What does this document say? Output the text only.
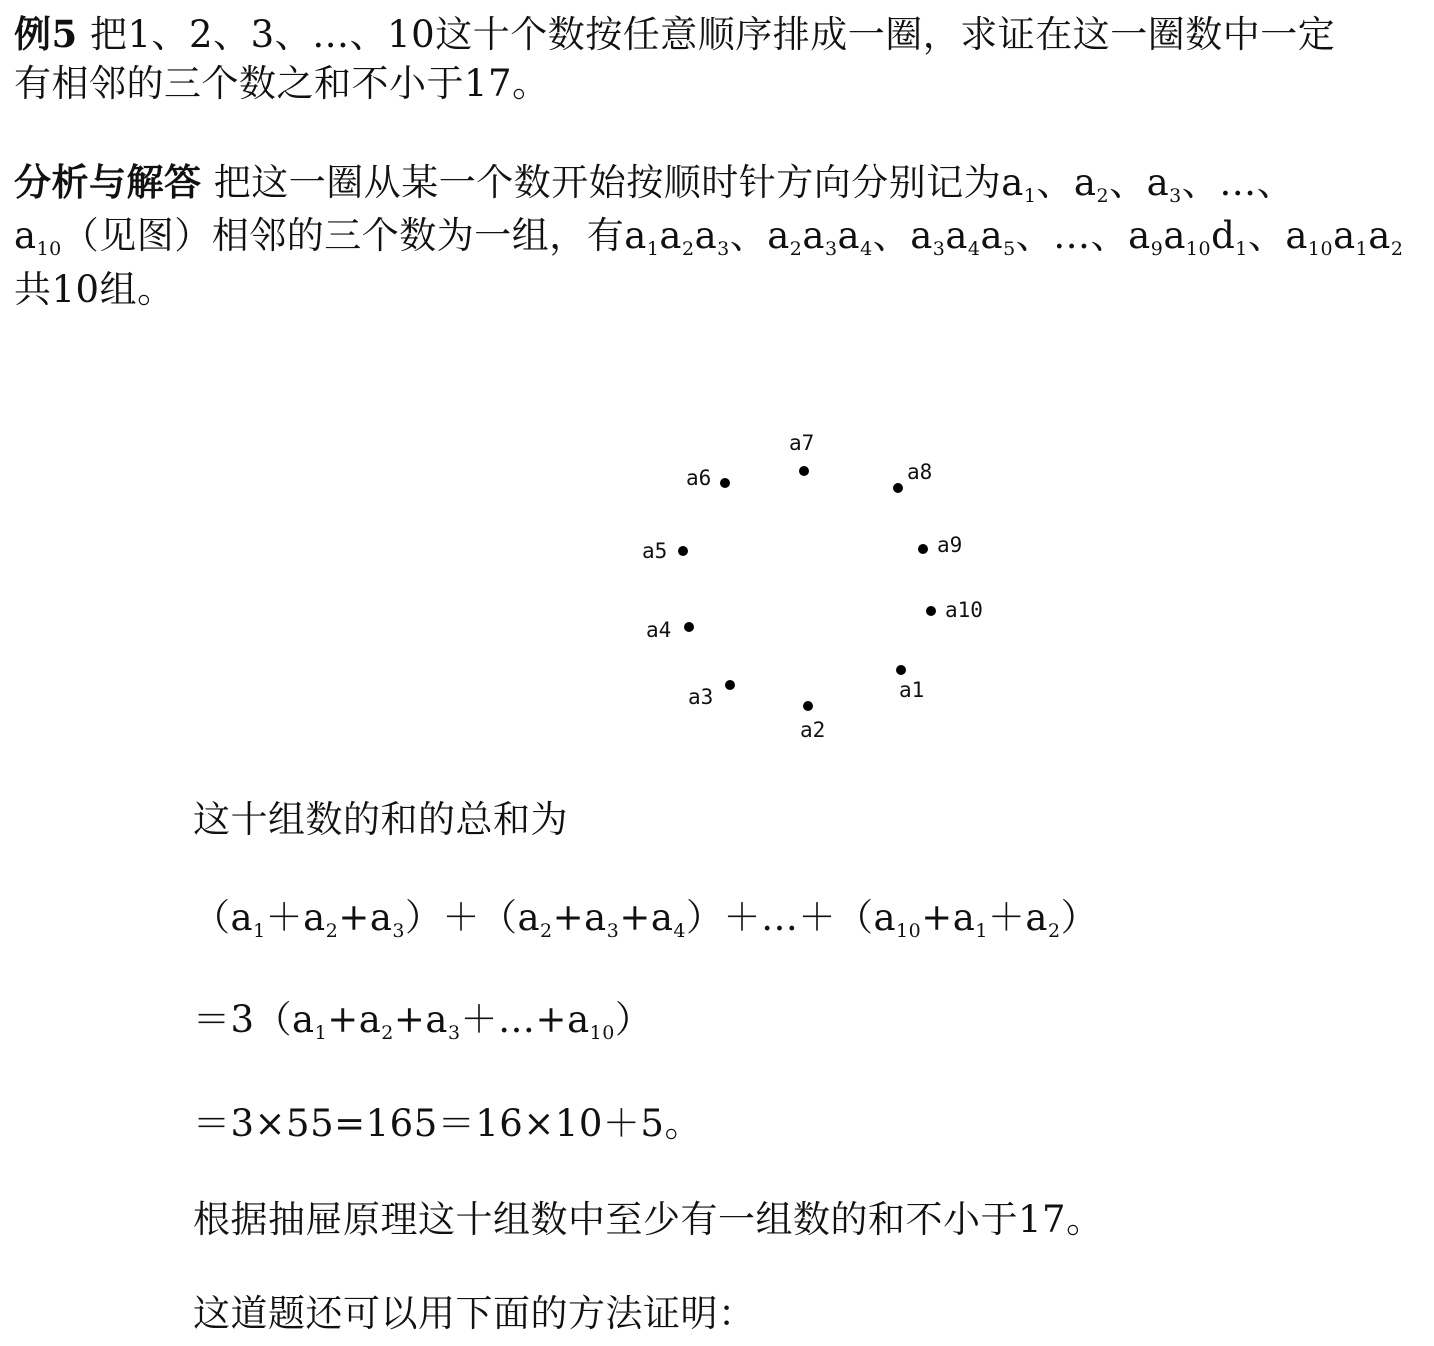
例5 把1、2、3、…、10这十个数按任意顺序排成一圈，求证在这一圈数中一定
有相邻的三个数之和不小于17。
分析与解答 把这一圈从某一个数开始按顺时针方向分别记为$a_1$、$a_2$、$a_3$、…、
$a_{10}$（见图）相邻的三个数为一组，有$a_1a_2a_3$、$a_2a_3a_4$、$a_3a_4a_5$、…、$a_9a_{10}d_1$、$a_{10}a_1a_2$
共10组。
a1
a2
a3
a4
a5
a6
a7
a8
a9
a10
这十组数的和的总和为
$(a_1+a_2+a_3)+(a_2+a_3+a_4)+\dots+(a_{10}+a_1+a_2)$
$=3(a_1+a_2+a_3+\dots+a_{10})$
＝3×55=165＝16×10＋5。
根据抽屉原理这十组数中至少有一组数的和不小于17。
这道题还可以用下面的方法证明：
